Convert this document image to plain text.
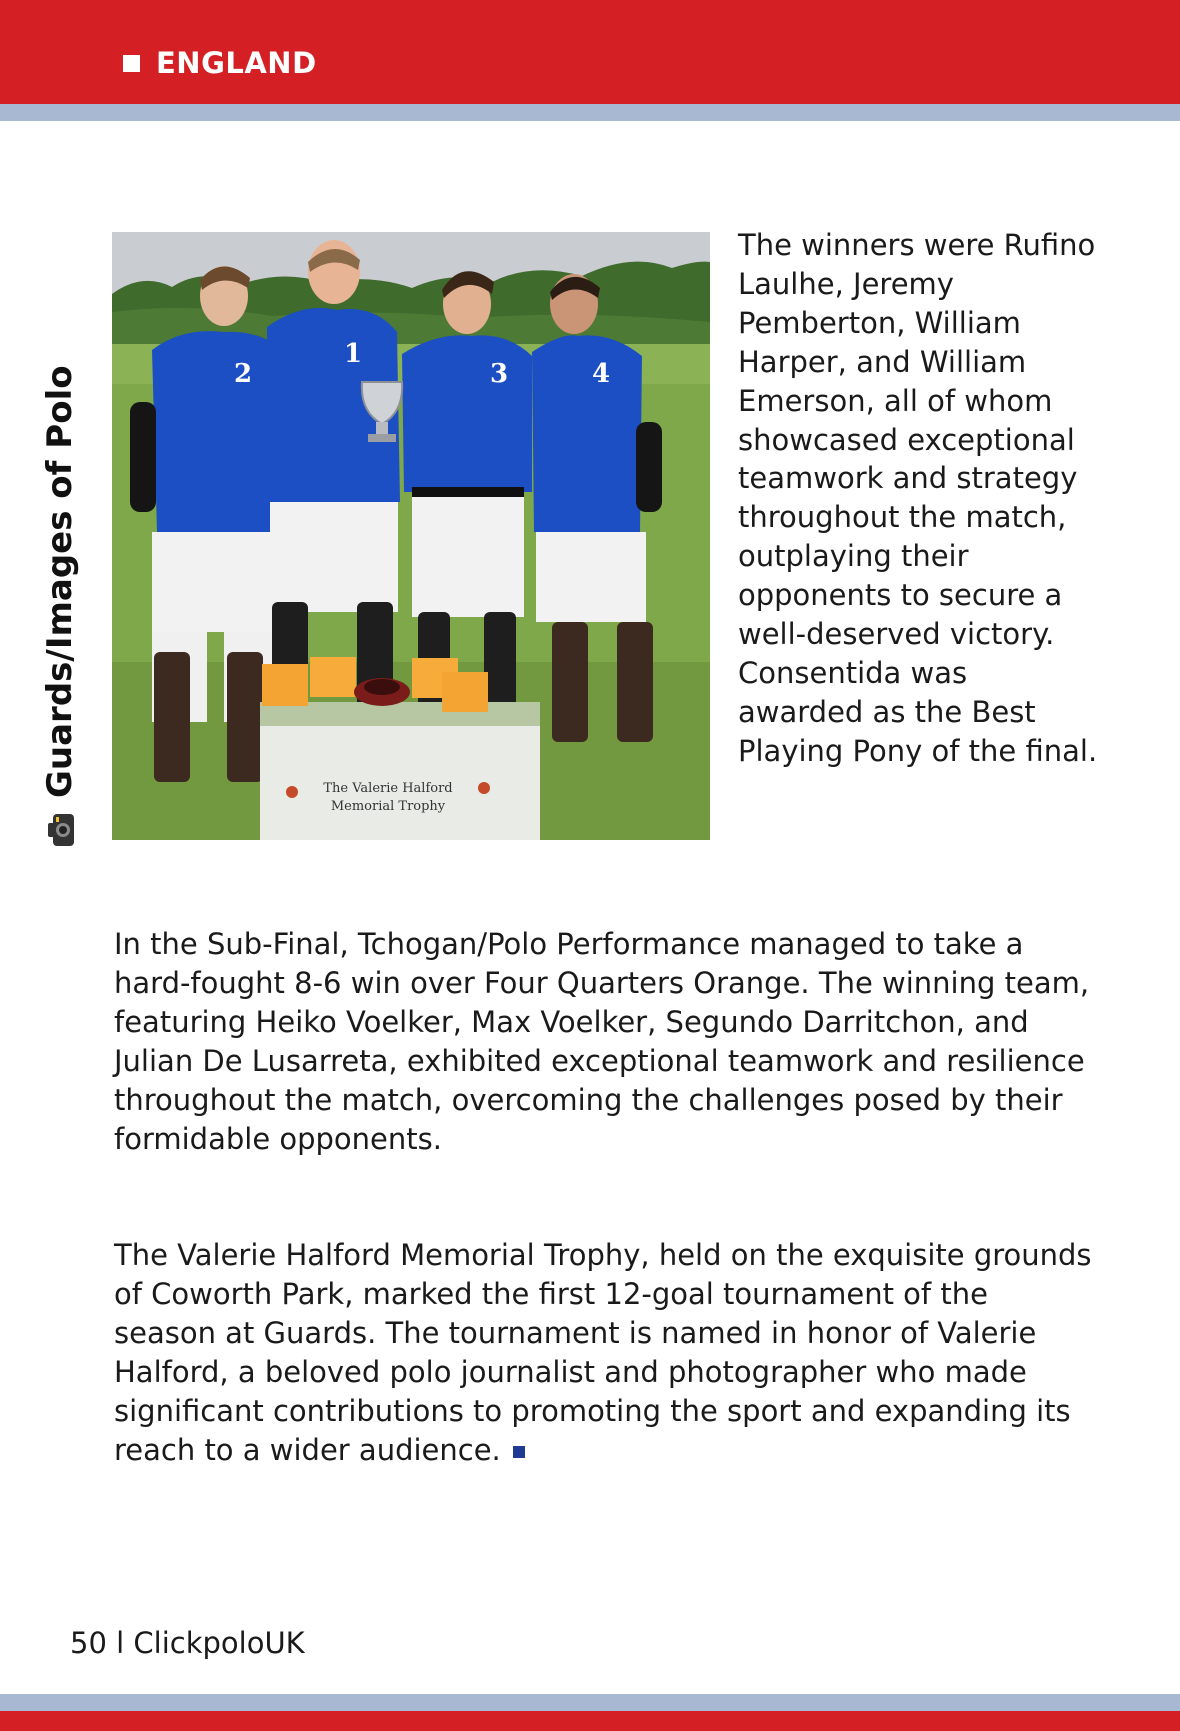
ENGLAND
2
1
3	4
The Valerie Halford
Memorial Trophy
Guards/Images of Polo

The winners were Rufino Laulhe, Jeremy Pemberton, William Harper, and William Emerson, all of whom showcased exceptional teamwork and strategy throughout the match, outplaying their opponents to secure a well-deserved victory. Consentida was awarded as the Best Playing Pony of the final.

In the Sub-Final, Tchogan/Polo Performance managed to take a hard-fought 8-6 win over Four Quarters Orange. The winning team, featuring Heiko Voelker, Max Voelker, Segundo Darritchon, and Julian De Lusarreta, exhibited exceptional teamwork and resilience throughout the match, overcoming the challenges posed by their formidable opponents.

The Valerie Halford Memorial Trophy, held on the exquisite grounds of Coworth Park, marked the first 12-goal tournament of the season at Guards. The tournament is named in honor of Valerie Halford, a beloved polo journalist and photographer who made significant contributions to promoting the sport and expanding its reach to a wider audience.

50 l ClickpoloUK
